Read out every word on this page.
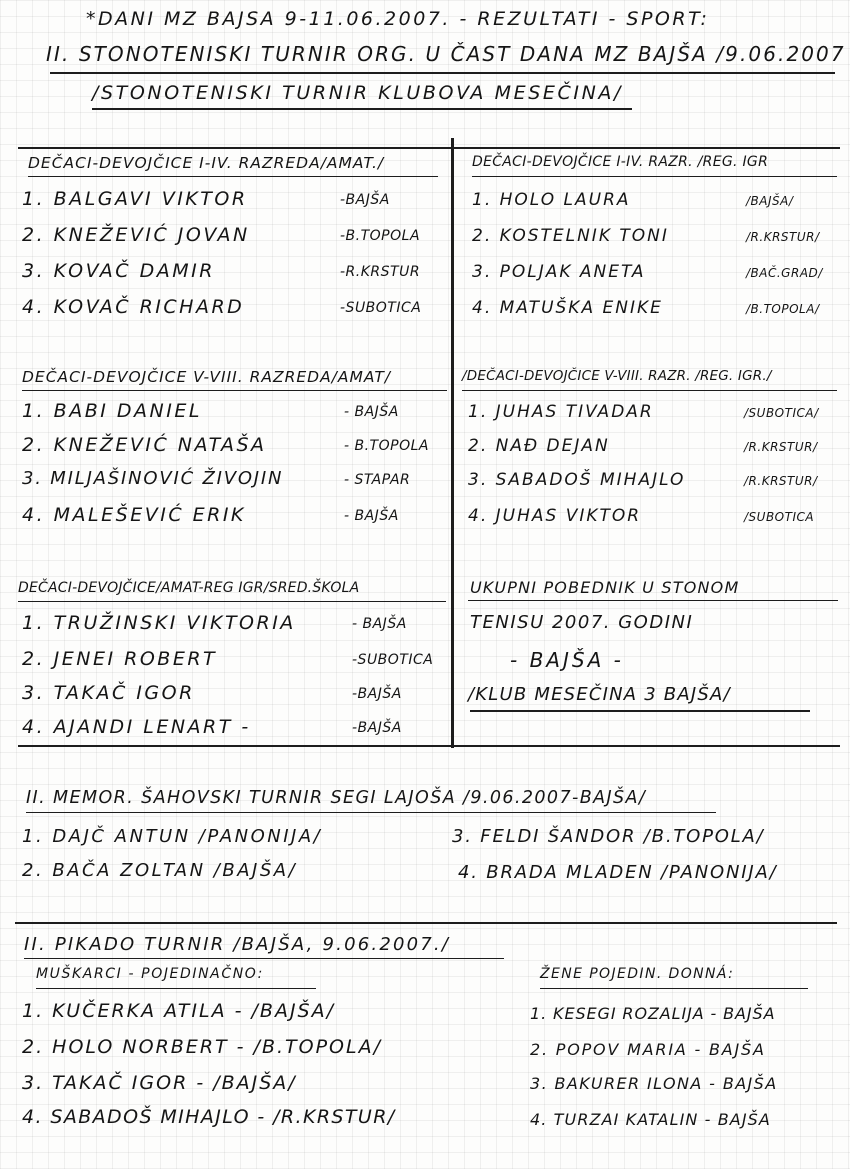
*DANI MZ BAJSA 9-11.06.2007. - REZULTATI - SPORT:
II. STONOTENISKI TURNIR ORG. U ČAST DANA MZ BAJŠA /9.06.2007
/STONOTENISKI TURNIR KLUBOVA MESEČINA/
DEČACI-DEVOJČICE I-IV. RAZREDA/AMAT./
1. BALGAVI VIKTOR	-BAJŠA
2. KNEŽEVIĆ JOVAN	-B.TOPOLA
3. KOVAČ DAMIR	-R.KRSTUR
4. KOVAČ RICHARD	-SUBOTICA
DEČACI-DEVOJČICE I-IV. RAZR. /REG. IGR
1. HOLO LAURA	/BAJŠA/
2. KOSTELNIK TONI	/R.KRSTUR/
3. POLJAK ANETA	/BAČ.GRAD/
4. MATUŠKA ENIKE	/B.TOPOLA/
DEČACI-DEVOJČICE V-VIII. RAZREDA/AMAT/
1. BABI DANIEL	- BAJŠA
2. KNEŽEVIĆ NATAŠA	- B.TOPOLA
3. MILJAŠINOVIĆ ŽIVOJIN	- STAPAR
4. MALEŠEVIĆ ERIK	- BAJŠA
/DEČACI-DEVOJČICE V-VIII. RAZR. /REG. IGR./
1. JUHAS TIVADAR	/SUBOTICA/
2. NAĐ DEJAN	/R.KRSTUR/
3. SABADOŠ MIHAJLO	/R.KRSTUR/
4. JUHAS VIKTOR	/SUBOTICA
DEČACI-DEVOJČICE/AMAT-REG IGR/SRED.ŠKOLA
1. TRUŽINSKI VIKTORIA	- BAJŠA
2. JENEI ROBERT	-SUBOTICA
3. TAKAČ IGOR	-BAJŠA
4. AJANDI LENART -	-BAJŠA
UKUPNI POBEDNIK U STONOM
TENISU 2007. GODINI
- BAJŠA -
/KLUB MESEČINA 3 BAJŠA/
II. MEMOR. ŠAHOVSKI TURNIR SEGI LAJOŠA /9.06.2007-BAJŠA/
1. DAJČ ANTUN /PANONIJA/
2. BAČA ZOLTAN /BAJŠA/
3. FELDI ŠANDOR /B.TOPOLA/
4. BRADA MLADEN /PANONIJA/
II. PIKADO TURNIR /BAJŠA, 9.06.2007./
MUŠKARCI - POJEDINAČNO:	ŽENE POJEDIN. DONNÁ:
1. KUČERKA ATILA - /BAJŠA/
2. HOLO NORBERT - /B.TOPOLA/
3. TAKAČ IGOR - /BAJŠA/
4. SABADOŠ MIHAJLO - /R.KRSTUR/
1. KESEGI ROZALIJA - BAJŠA
2. POPOV MARIA - BAJŠA
3. BAKURER ILONA - BAJŠA
4. TURZAI KATALIN - BAJŠA
